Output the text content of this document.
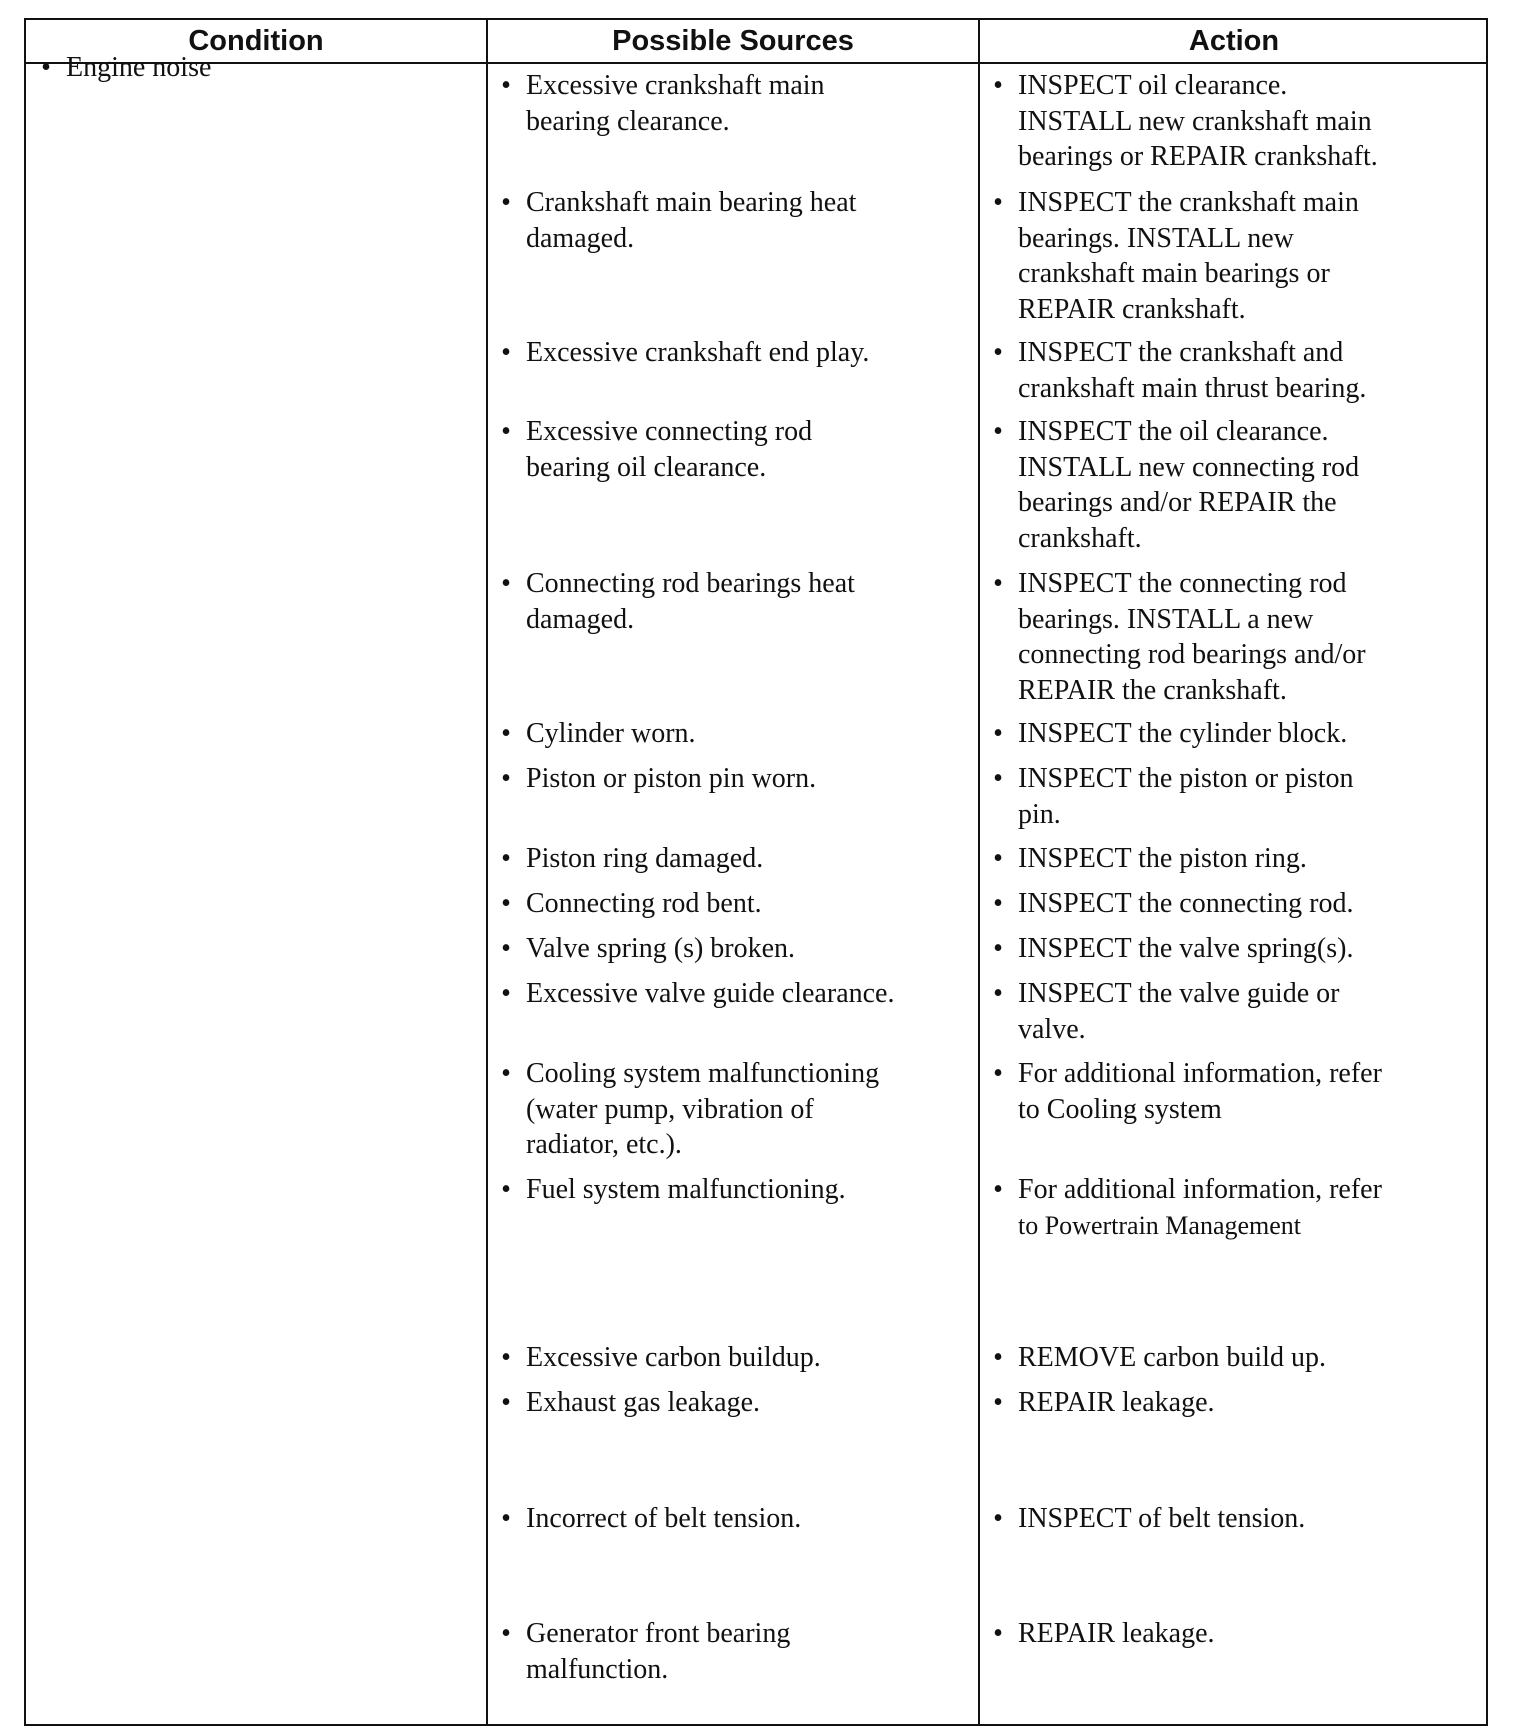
Condition	Possible Sources	Action
• Engine noise
• Excessive crankshaft main
bearing clearance.
• Crankshaft main bearing heat
damaged.
• Excessive crankshaft end play.
• Excessive connecting rod
bearing oil clearance.
• Connecting rod bearings heat
damaged.
• Cylinder worn.
• Piston or piston pin worn.
• Piston ring damaged.
• Connecting rod bent.
• Valve spring (s) broken.
• Excessive valve guide clearance.
• Cooling system malfunctioning
(water pump, vibration of
radiator, etc.).
• Fuel system malfunctioning.
• Excessive carbon buildup.
• Exhaust gas leakage.
• Incorrect of belt tension.
• Generator front bearing
malfunction.
• INSPECT oil clearance.
INSTALL new crankshaft main
bearings or REPAIR crankshaft.
• INSPECT the crankshaft main
bearings. INSTALL new
crankshaft main bearings or
REPAIR crankshaft.
• INSPECT the crankshaft and
crankshaft main thrust bearing.
• INSPECT the oil clearance.
INSTALL new connecting rod
bearings and/or REPAIR the
crankshaft.
• INSPECT the connecting rod
bearings. INSTALL a new
connecting rod bearings and/or
REPAIR the crankshaft.
• INSPECT the cylinder block.
• INSPECT the piston or piston
pin.
• INSPECT the piston ring.
• INSPECT the connecting rod.
• INSPECT the valve spring(s).
• INSPECT the valve guide or
valve.
• For additional information, refer
to Cooling system
• For additional information, refer
to Powertrain Management
• REMOVE carbon build up.
• REPAIR leakage.
• INSPECT of belt tension.
• REPAIR leakage.
